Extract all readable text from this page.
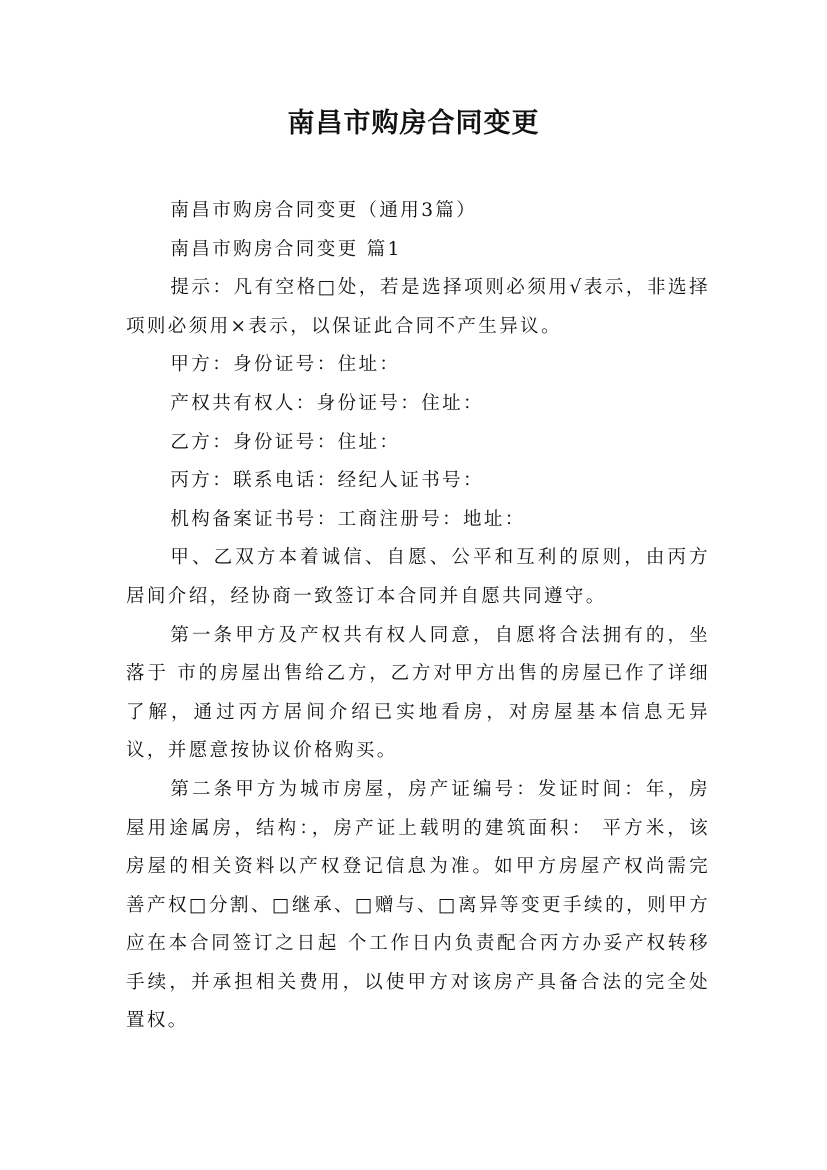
南昌市购房合同变更

南昌市购房合同变更（通用3篇）

南昌市购房合同变更 篇1

提示：凡有空格□处，若是选择项则必须用√表示，非选择项则必须用×表示，以保证此合同不产生异议。

甲方：身份证号：住址：

产权共有权人：身份证号：住址：

乙方：身份证号：住址：

丙方：联系电话：经纪人证书号：

机构备案证书号：工商注册号：地址：

甲、乙双方本着诚信、自愿、公平和互利的原则，由丙方居间介绍，经协商一致签订本合同并自愿共同遵守。

第一条甲方及产权共有权人同意，自愿将合法拥有的，坐落于 市的房屋出售给乙方，乙方对甲方出售的房屋已作了详细了解，通过丙方居间介绍已实地看房，对房屋基本信息无异议，并愿意按协议价格购买。

第二条甲方为城市房屋，房产证编号：发证时间：年，房屋用途属房，结构：，房产证上载明的建筑面积： 平方米，该房屋的相关资料以产权登记信息为准。如甲方房屋产权尚需完善产权□分割、□继承、□赠与、□离异等变更手续的，则甲方应在本合同签订之日起 个工作日内负责配合丙方办妥产权转移手续，并承担相关费用，以使甲方对该房产具备合法的完全处置权。
